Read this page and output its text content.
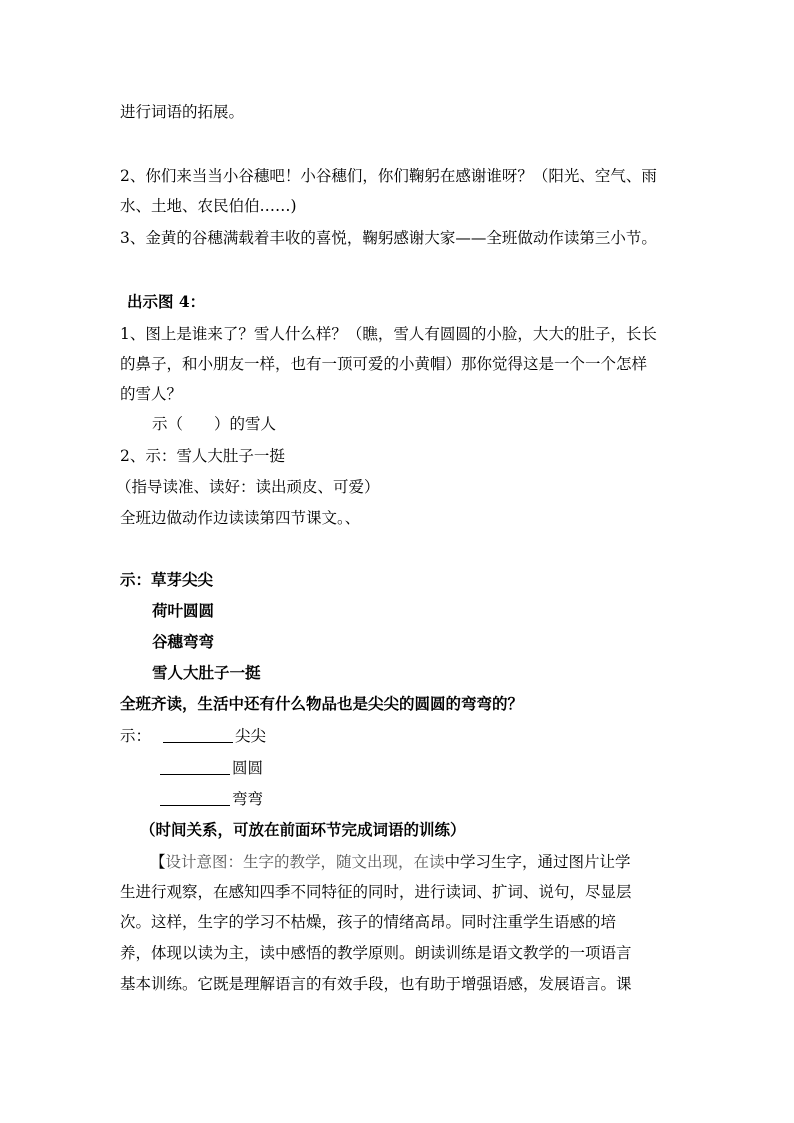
进行词语的拓展。
2、你们来当当小谷穗吧！小谷穗们，你们鞠躬在感谢谁呀？（阳光、空气、雨
水、土地、农民伯伯……)
3、金黄的谷穗满载着丰收的喜悦，鞠躬感谢大家——全班做动作读第三小节。
出示图 4：
1、图上是谁来了？雪人什么样？（瞧，雪人有圆圆的小脸，大大的肚子，长长
的鼻子，和小朋友一样，也有一顶可爱的小黄帽）那你觉得这是一个一个怎样
的雪人？
示（　　）的雪人
2、示：雪人大肚子一挺
（指导读准、读好：读出顽皮、可爱）
全班边做动作边读读第四节课文。、
示：草芽尖尖
荷叶圆圆
谷穗弯弯
雪人大肚子一挺
全班齐读，生活中还有什么物品也是尖尖的圆圆的弯弯的？
示：	尖尖
圆圆
弯弯
（时间关系，可放在前面环节完成词语的训练）
【设计意图：生字的教学，随文出现，在读中学习生字，通过图片让学
生进行观察，在感知四季不同特征的同时，进行读词、扩词、说句，尽显层
次。这样，生字的学习不枯燥，孩子的情绪高昂。同时注重学生语感的培
养，体现以读为主，读中感悟的教学原则。朗读训练是语文教学的一项语言
基本训练。它既是理解语言的有效手段，也有助于增强语感，发展语言。课
